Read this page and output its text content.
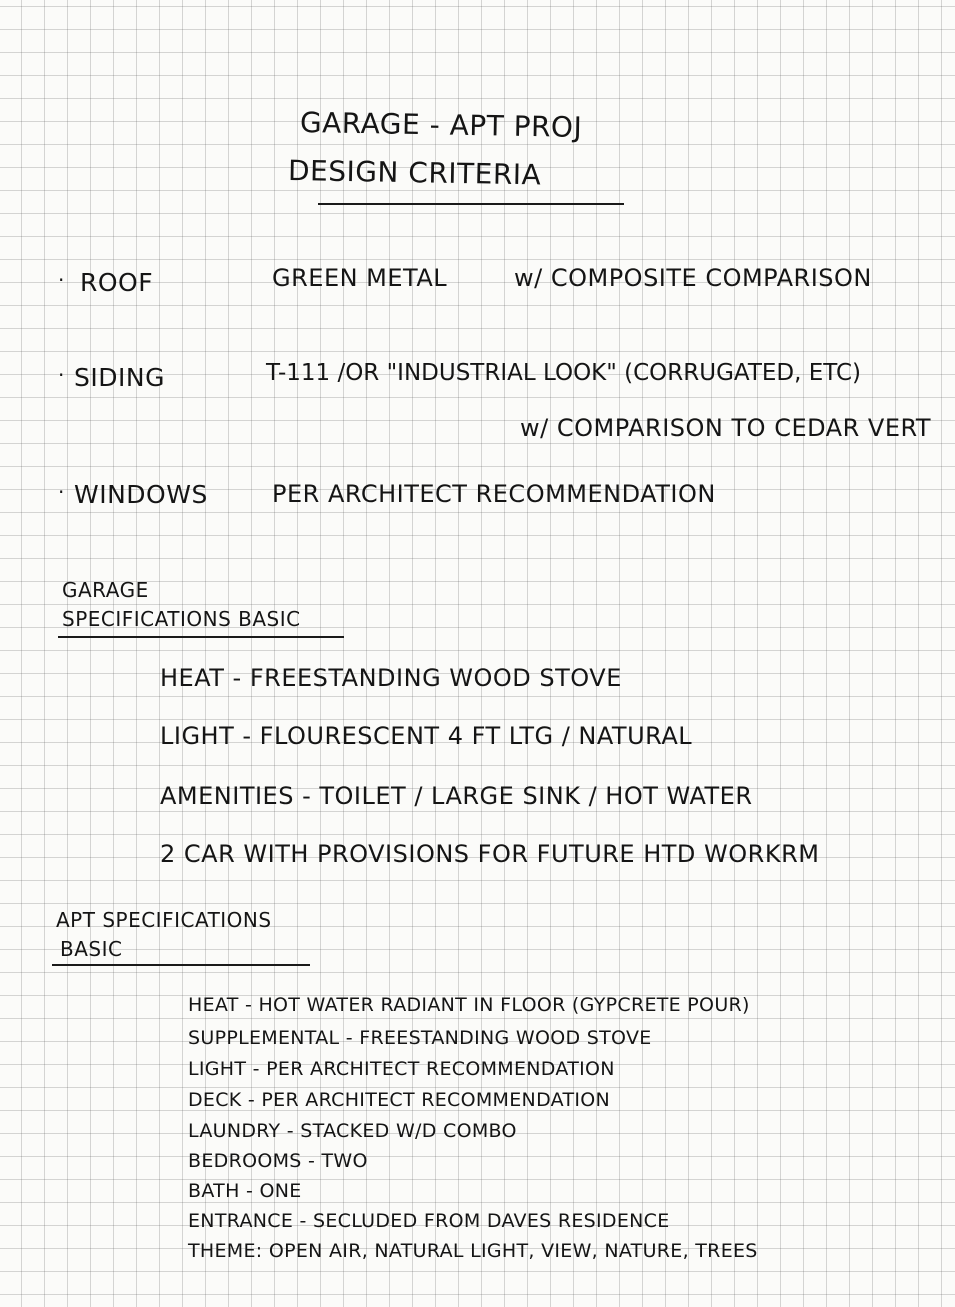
GARAGE - APT PROJ
DESIGN CRITERIA
· ROOF	GREEN METAL	w/ COMPOSITE COMPARISON
· SIDING	T-111 /OR "INDUSTRIAL LOOK" (CORRUGATED, ETC)
w/ COMPARISON TO CEDAR VERT
· WINDOWS	PER ARCHITECT RECOMMENDATION
GARAGE
SPECIFICATIONS BASIC
HEAT - FREESTANDING WOOD STOVE
LIGHT - FLOURESCENT 4 FT LTG / NATURAL
AMENITIES - TOILET / LARGE SINK / HOT WATER
2 CAR WITH PROVISIONS FOR FUTURE HTD WORKRM
APT SPECIFICATIONS
BASIC
HEAT - HOT WATER RADIANT IN FLOOR (GYPCRETE POUR)
SUPPLEMENTAL - FREESTANDING WOOD STOVE
LIGHT - PER ARCHITECT RECOMMENDATION
DECK - PER ARCHITECT RECOMMENDATION
LAUNDRY - STACKED W/D COMBO
BEDROOMS - TWO
BATH - ONE
ENTRANCE - SECLUDED FROM DAVES RESIDENCE
THEME: OPEN AIR, NATURAL LIGHT, VIEW, NATURE, TREES
